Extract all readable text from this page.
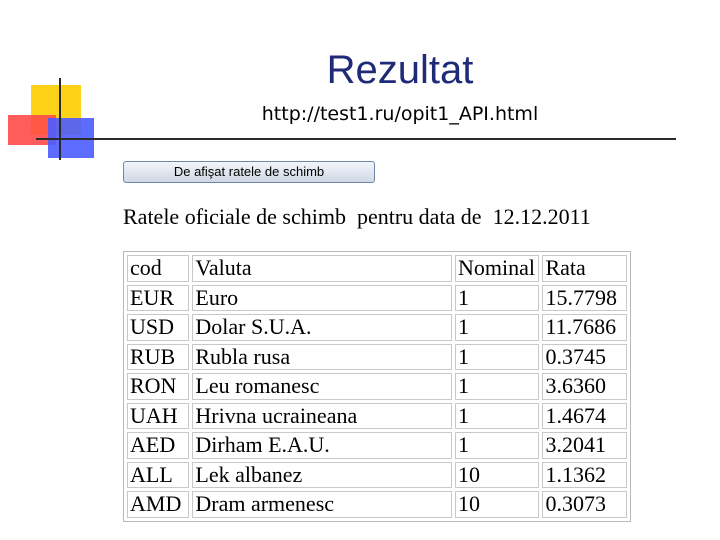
Rezultat
http://test1.ru/opit1_API.html
De afişat ratele de schimb
Ratele oficiale de schimb  pentru data de  12.12.2011
cod	Valuta	Nominal	Rata
EUR	Euro	1	15.7798
USD	Dolar S.U.A.	1	11.7686
RUB	Rubla rusa	1	0.3745
RON	Leu romanesc	1	3.6360
UAH	Hrivna ucraineana	1	1.4674
AED	Dirham E.A.U.	1	3.2041
ALL	Lek albanez	10	1.1362
AMD	Dram armenesc	10	0.3073
